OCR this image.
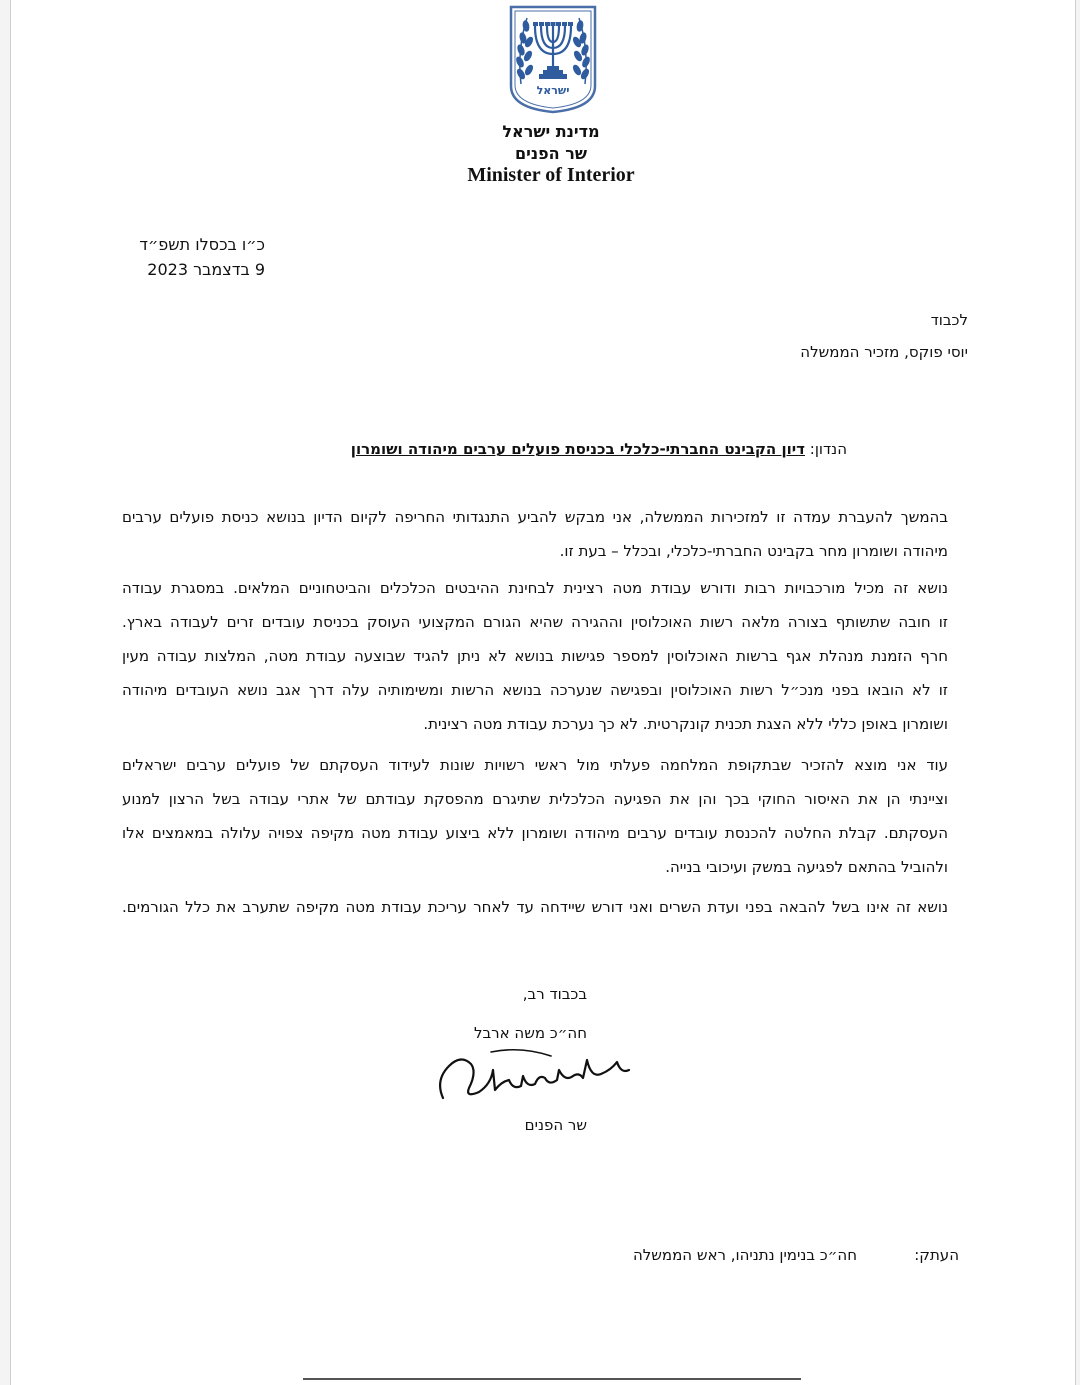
ישראל
מדינת ישראל
שר הפנים
Minister of Interior
כ״ו בכסלו תשפ״ד
9 בדצמבר 2023
לכבוד
יוסי פוקס, מזכיר הממשלה
הנדון: דיון הקבינט החברתי-כלכלי בכניסת פועלים ערבים מיהודה ושומרון
בהמשך להעברת עמדה זו למזכירות הממשלה, אני מבקש להביע התנגדותי החריפה לקיום הדיון בנושא כניסת פועלים ערבים
מיהודה ושומרון מחר בקבינט החברתי-כלכלי, ובכלל – בעת זו.
נושא זה מכיל מורכבויות רבות ודורש עבודת מטה רצינית לבחינת ההיבטים הכלכלים והביטחוניים המלאים. במסגרת עבודה
זו חובה שתשותף בצורה מלאה רשות האוכלוסין וההגירה שהיא הגורם המקצועי העוסק בכניסת עובדים זרים לעבודה בארץ.
חרף הזמנת מנהלת אגף ברשות האוכלוסין למספר פגישות בנושא לא ניתן להגיד שבוצעה עבודת מטה, המלצות עבודה מעין
זו לא הובאו בפני מנכ״ל רשות האוכלוסין ובפגישה שנערכה בנושא הרשות ומשימותיה עלה דרך אגב נושא העובדים מיהודה
ושומרון באופן כללי ללא הצגת תכנית קונקרטית. לא כך נערכת עבודת מטה רצינית.
עוד אני מוצא להזכיר שבתקופת המלחמה פעלתי מול ראשי רשויות שונות לעידוד העסקתם של פועלים ערבים ישראלים
וציינתי הן את האיסור החוקי בכך והן את הפגיעה הכלכלית שתיגרם מהפסקת עבודתם של אתרי עבודה בשל הרצון למנוע
העסקתם. קבלת החלטה להכנסת עובדים ערבים מיהודה ושומרון ללא ביצוע עבודת מטה מקיפה צפויה עלולה במאמצים אלו
ולהוביל בהתאם לפגיעה במשק ועיכובי בנייה.
נושא זה אינו בשל להבאה בפני ועדת השרים ואני דורש שיידחה עד לאחר עריכת עבודת מטה מקיפה שתערב את כלל הגורמים.
בכבוד רב,
חה״כ משה ארבל
שר הפנים
העתק:
חה״כ בנימין נתניהו, ראש הממשלה
